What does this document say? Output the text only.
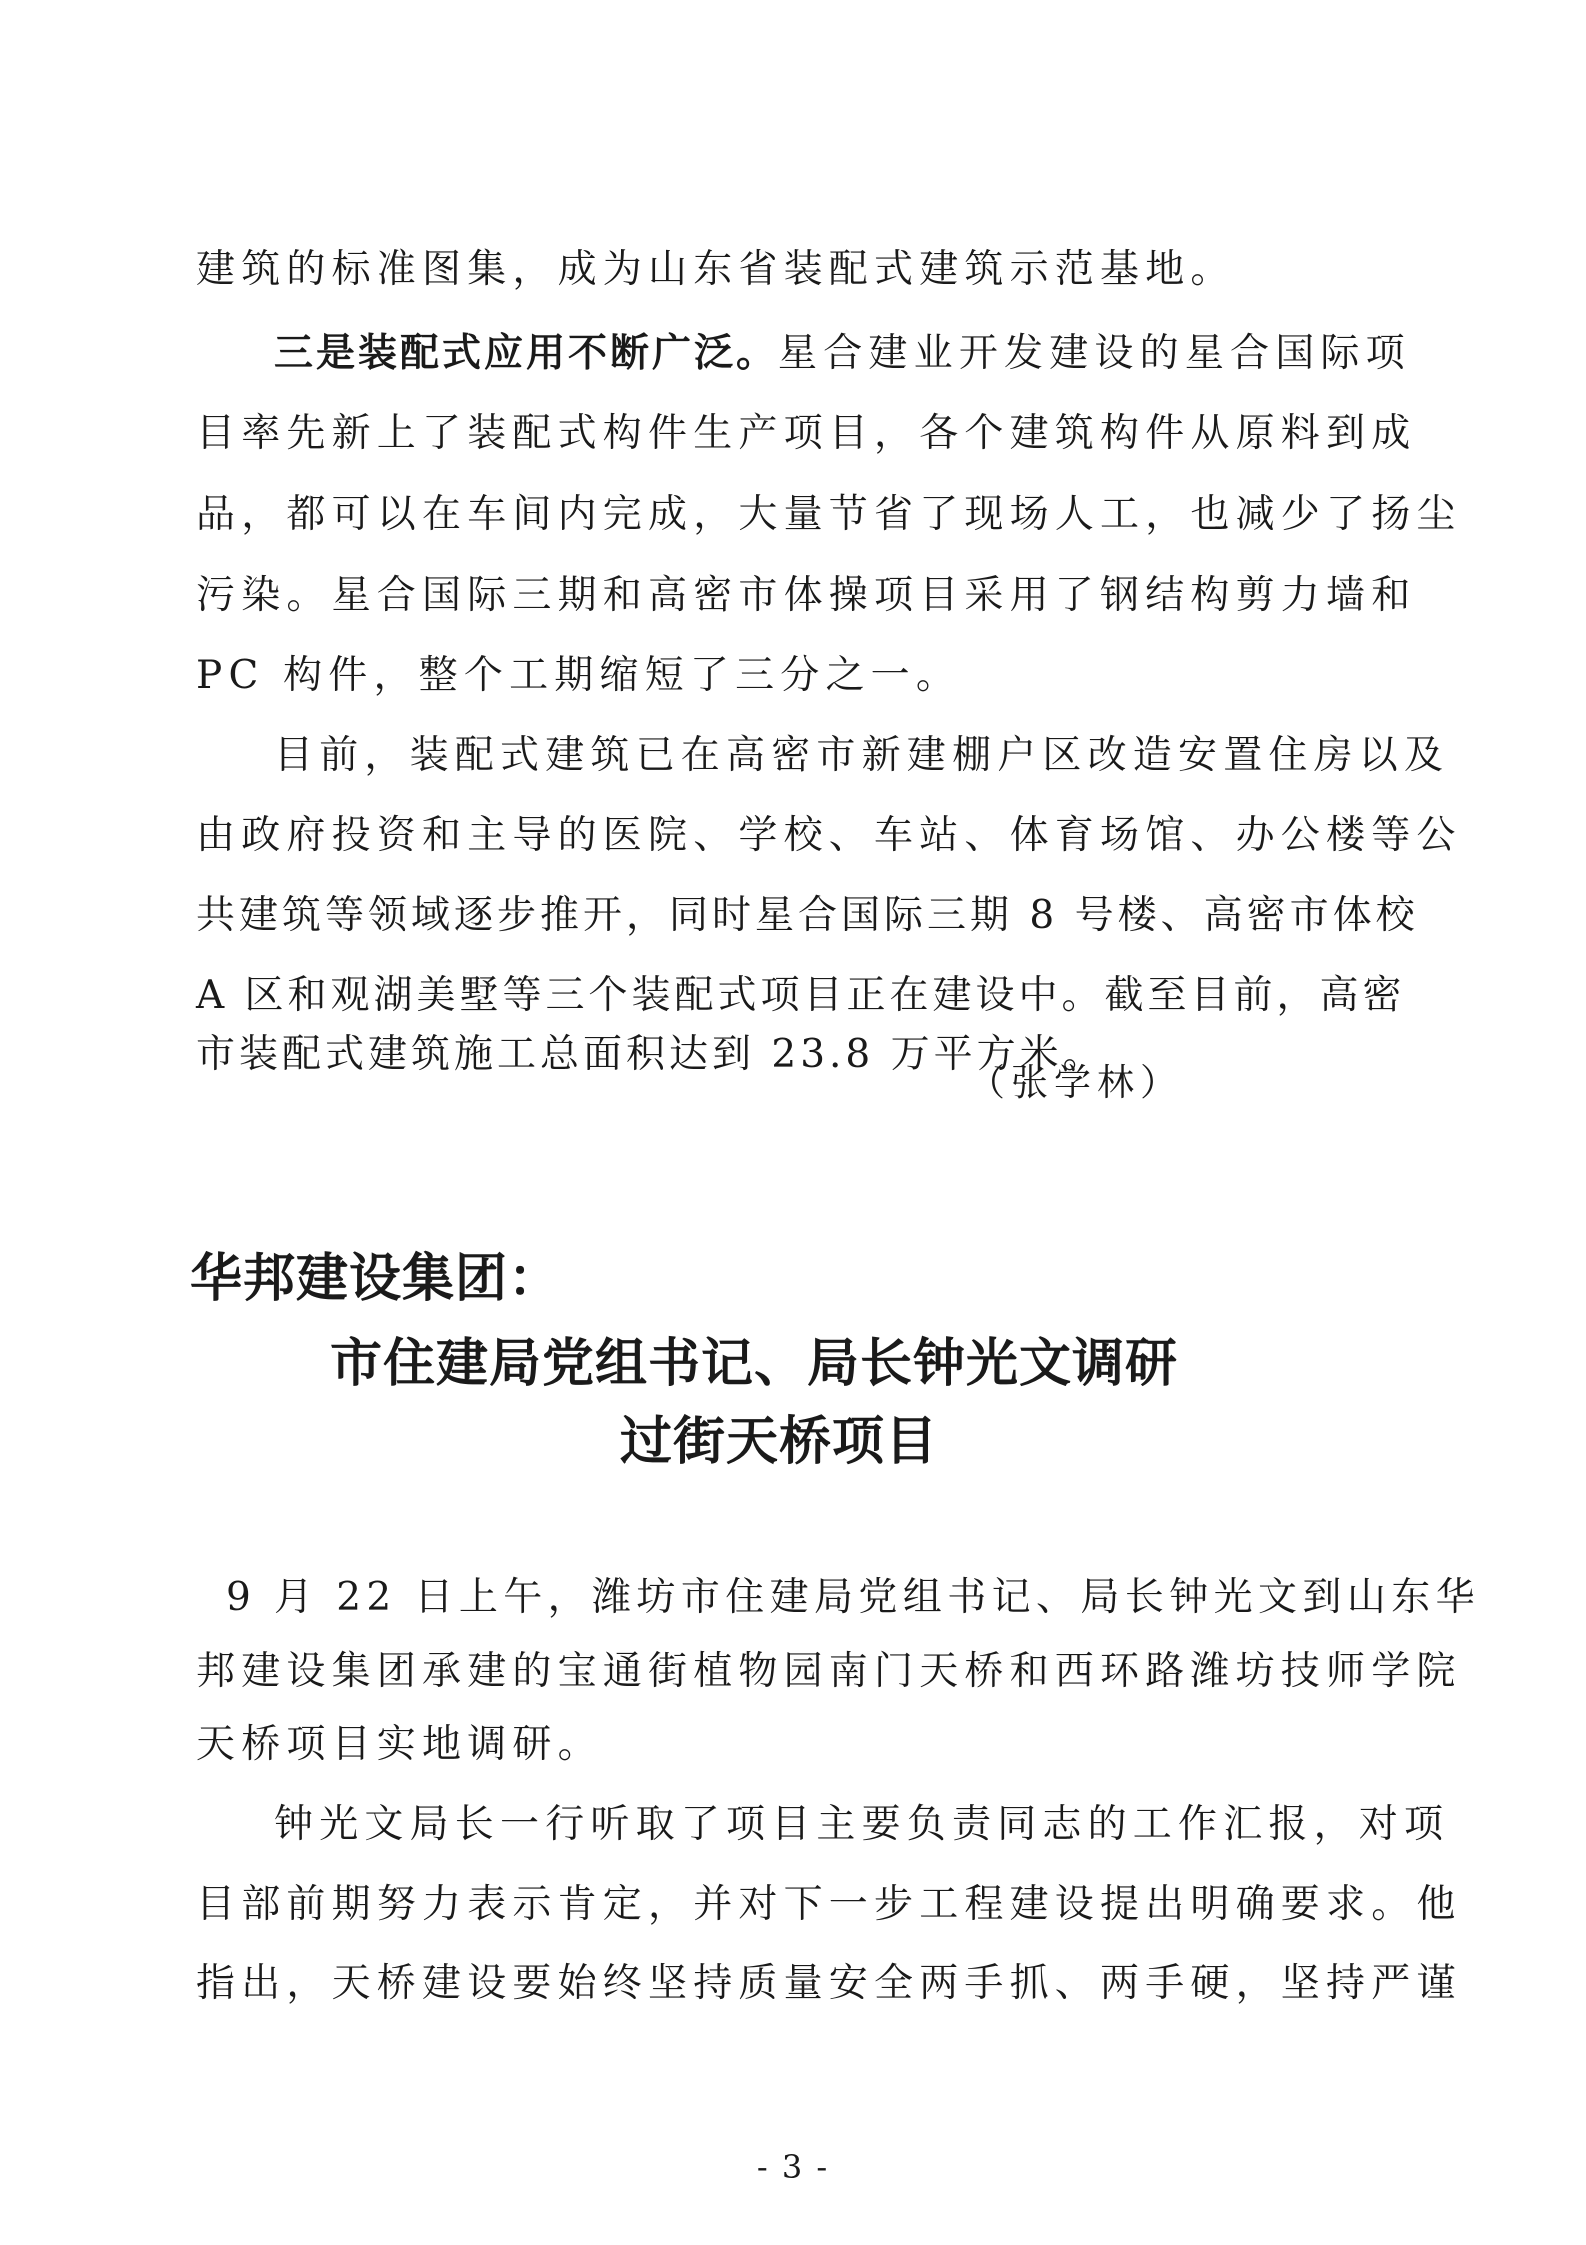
建筑的标准图集，成为山东省装配式建筑示范基地。
三是装配式应用不断广泛。星合建业开发建设的星合国际项
目率先新上了装配式构件生产项目，各个建筑构件从原料到成
品，都可以在车间内完成，大量节省了现场人工，也减少了扬尘
污染。星合国际三期和高密市体操项目采用了钢结构剪力墙和
PC 构件，整个工期缩短了三分之一。
目前，装配式建筑已在高密市新建棚户区改造安置住房以及
由政府投资和主导的医院、学校、车站、体育场馆、办公楼等公
共建筑等领域逐步推开，同时星合国际三期 8 号楼、高密市体校
A 区和观湖美墅等三个装配式项目正在建设中。截至目前，高密
市装配式建筑施工总面积达到 23.8 万平方米。
（张学林）
华邦建设集团：
市住建局党组书记、局长钟光文调研
过街天桥项目
9 月 22 日上午，潍坊市住建局党组书记、局长钟光文到山东华
邦建设集团承建的宝通街植物园南门天桥和西环路潍坊技师学院
天桥项目实地调研。
钟光文局长一行听取了项目主要负责同志的工作汇报，对项
目部前期努力表示肯定，并对下一步工程建设提出明确要求。他
指出，天桥建设要始终坚持质量安全两手抓、两手硬，坚持严谨
- 3 -
